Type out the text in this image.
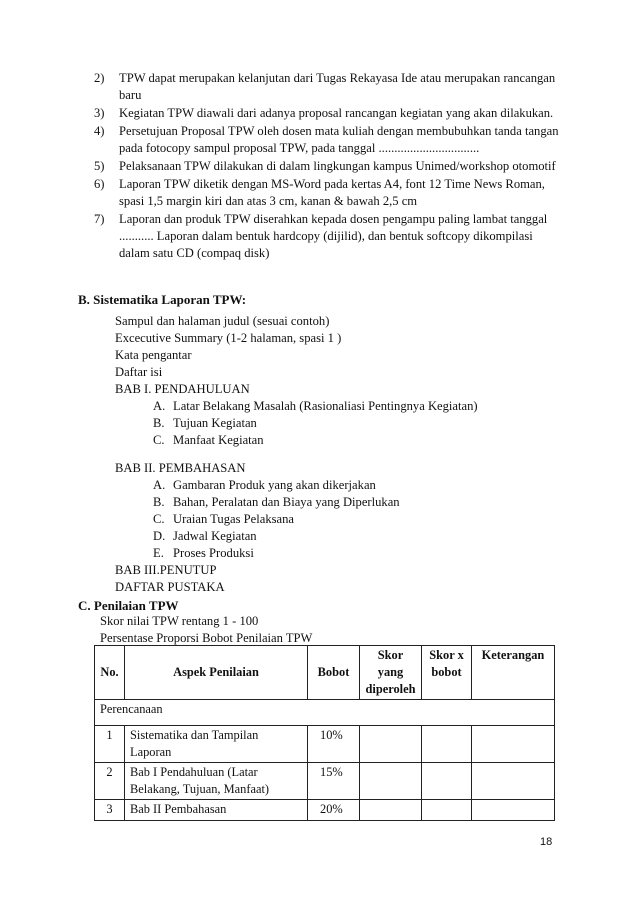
2) TPW dapat merupakan kelanjutan dari Tugas Rekayasa Ide atau merupakan rancangan baru
3) Kegiatan TPW diawali dari adanya proposal rancangan kegiatan yang akan dilakukan.
4) Persetujuan Proposal TPW oleh dosen mata kuliah dengan membubuhkan tanda tangan pada fotocopy sampul proposal TPW, pada tanggal ................................
5) Pelaksanaan TPW dilakukan di dalam lingkungan kampus Unimed/workshop otomotif
6) Laporan TPW diketik dengan MS-Word pada kertas A4, font 12 Time News Roman, spasi 1,5 margin kiri dan atas 3 cm, kanan & bawah 2,5 cm
7) Laporan dan produk TPW diserahkan kepada dosen pengampu paling lambat tanggal ........... Laporan dalam bentuk hardcopy (dijilid), dan bentuk softcopy dikompilasi dalam satu CD (compaq disk)
B. Sistematika Laporan TPW:
Sampul dan halaman judul (sesuai contoh)
Excecutive Summary (1-2 halaman, spasi 1 )
Kata pengantar
Daftar isi
BAB I. PENDAHULUAN
A. Latar Belakang Masalah (Rasionaliasi Pentingnya Kegiatan)
B. Tujuan Kegiatan
C. Manfaat Kegiatan
BAB II. PEMBAHASAN
A. Gambaran Produk yang akan dikerjakan
B. Bahan, Peralatan dan Biaya yang Diperlukan
C. Uraian Tugas Pelaksana
D. Jadwal Kegiatan
E. Proses Produksi
BAB III.PENUTUP
DAFTAR PUSTAKA
C. Penilaian TPW
Skor nilai TPW rentang 1 - 100
Persentase Proporsi Bobot Penilaian TPW
No.	Aspek Penilaian	Bobot	Skor yang diperoleh	Skor x bobot	Keterangan
Perencanaan					
1	Sistematika dan Tampilan Laporan	10%			
2	Bab I Pendahuluan (Latar Belakang, Tujuan, Manfaat)	15%			
3	Bab II Pembahasan	20%			
18
